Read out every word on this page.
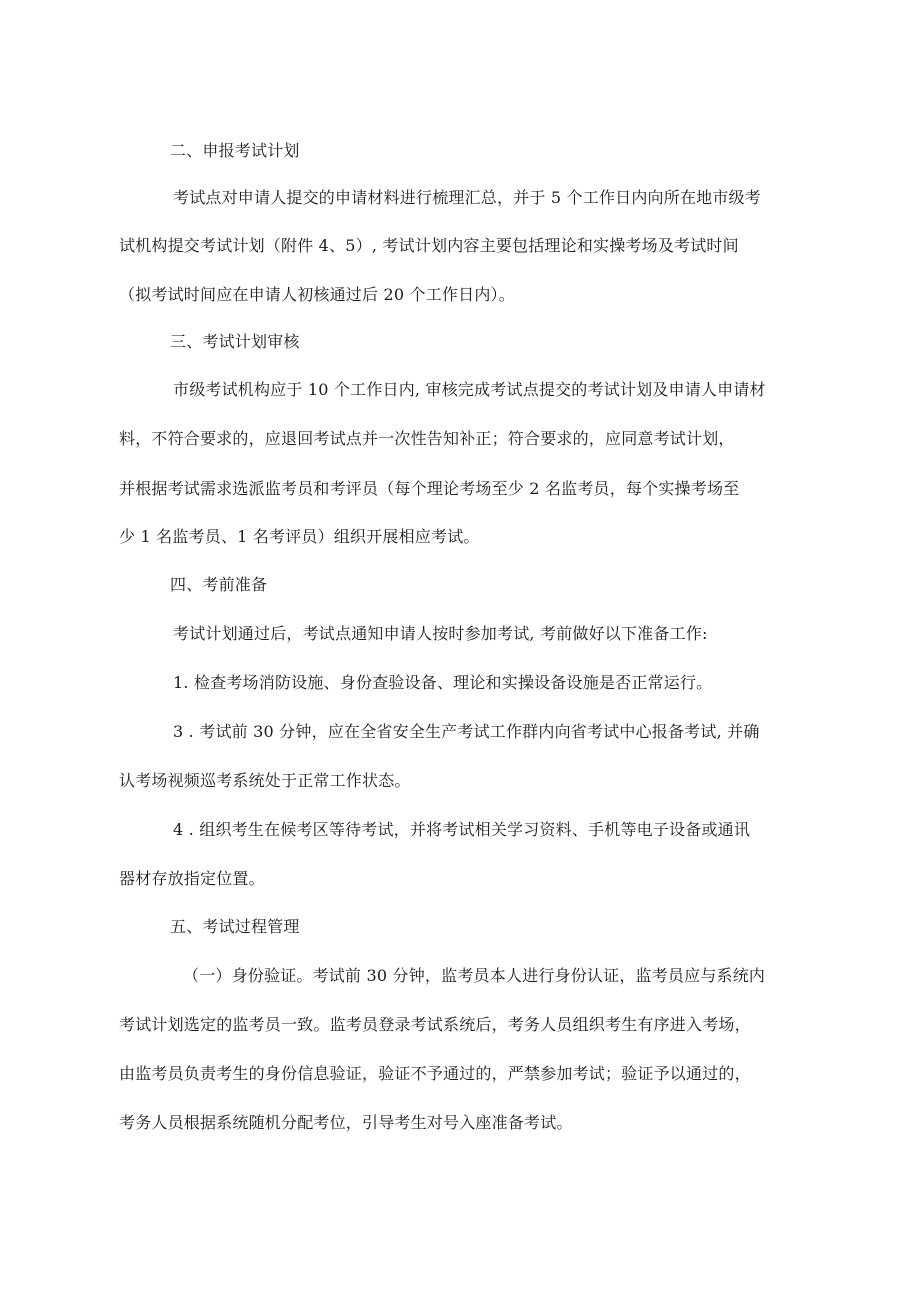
二、申报考试计划
考试点对申请人提交的申请材料进行梳理汇总，并于 5 个工作日内向所在地市级考
试机构提交考试计划（附件 4、5）, 考试计划内容主要包括理论和实操考场及考试时间
（拟考试时间应在申请人初核通过后 20 个工作日内）。
三、考试计划审核
市级考试机构应于 10 个工作日内, 审核完成考试点提交的考试计划及申请人申请材
料，不符合要求的，应退回考试点并一次性告知补正；符合要求的，应同意考试计划，
并根据考试需求选派监考员和考评员（每个理论考场至少 2 名监考员，每个实操考场至
少 1 名监考员、1 名考评员）组织开展相应考试。
四、考前准备
考试计划通过后，考试点通知申请人按时参加考试, 考前做好以下准备工作:
1. 检查考场消防设施、身份查验设备、理论和实操设备设施是否正常运行。
3 . 考试前 30 分钟，应在全省安全生产考试工作群内向省考试中心报备考试, 并确
认考场视频巡考系统处于正常工作状态。
4 . 组织考生在候考区等待考试，并将考试相关学习资料、手机等电子设备或通讯
器材存放指定位置。
五、考试过程管理
（一）身份验证。考试前 30 分钟，监考员本人进行身份认证，监考员应与系统内
考试计划选定的监考员一致。监考员登录考试系统后，考务人员组织考生有序进入考场，
由监考员负责考生的身份信息验证，验证不予通过的，严禁参加考试；验证予以通过的，
考务人员根据系统随机分配考位，引导考生对号入座准备考试。
